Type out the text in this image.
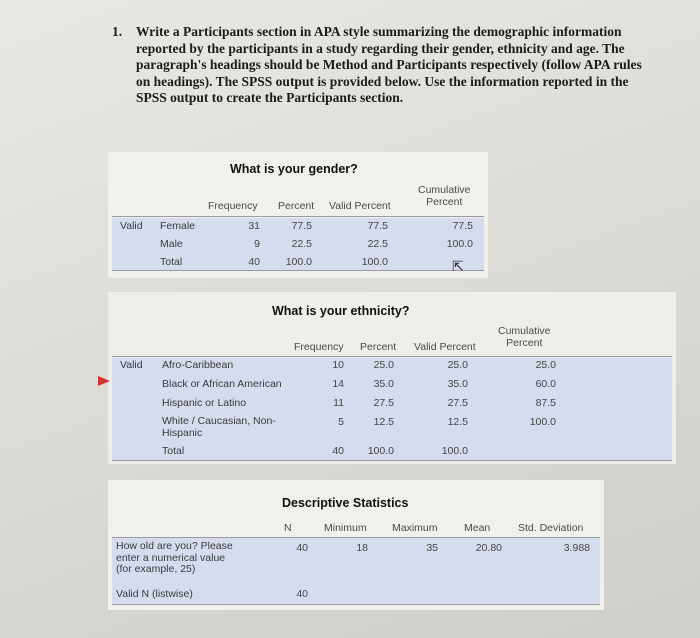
1. Write a Participants section in APA style summarizing the demographic information reported by the participants in a study regarding their gender, ethnicity and age. The paragraph's headings should be Method and Participants respectively (follow APA rules on headings). The SPSS output is provided below. Use the information reported in the SPSS output to create the Participants section.
What is your gender?
Frequency Percent Valid Percent
Cumulative
Percent
Valid Female	31	77.5	77.5	77.5
Male	9	22.5	22.5	100.0
Total	40	100.0	100.0	⇱
What is your ethnicity?
Frequency Percent Valid Percent
Cumulative
Percent
Valid Afro-Caribbean	10	25.0	25.0	25.0
Black or African American	14	35.0	35.0	60.0
Hispanic or Latino	11	27.5	27.5	87.5
White / Caucasian, Non-
Hispanic
5	12.5	12.5	100.0
Total	40	100.0	100.0
Descriptive Statistics
N	Minimum Maximum	Mean	Std. Deviation
How old are you? Please
enter a numerical value
(for example, 25)
40	18	35	20.80	3.988
Valid N (listwise)	40
